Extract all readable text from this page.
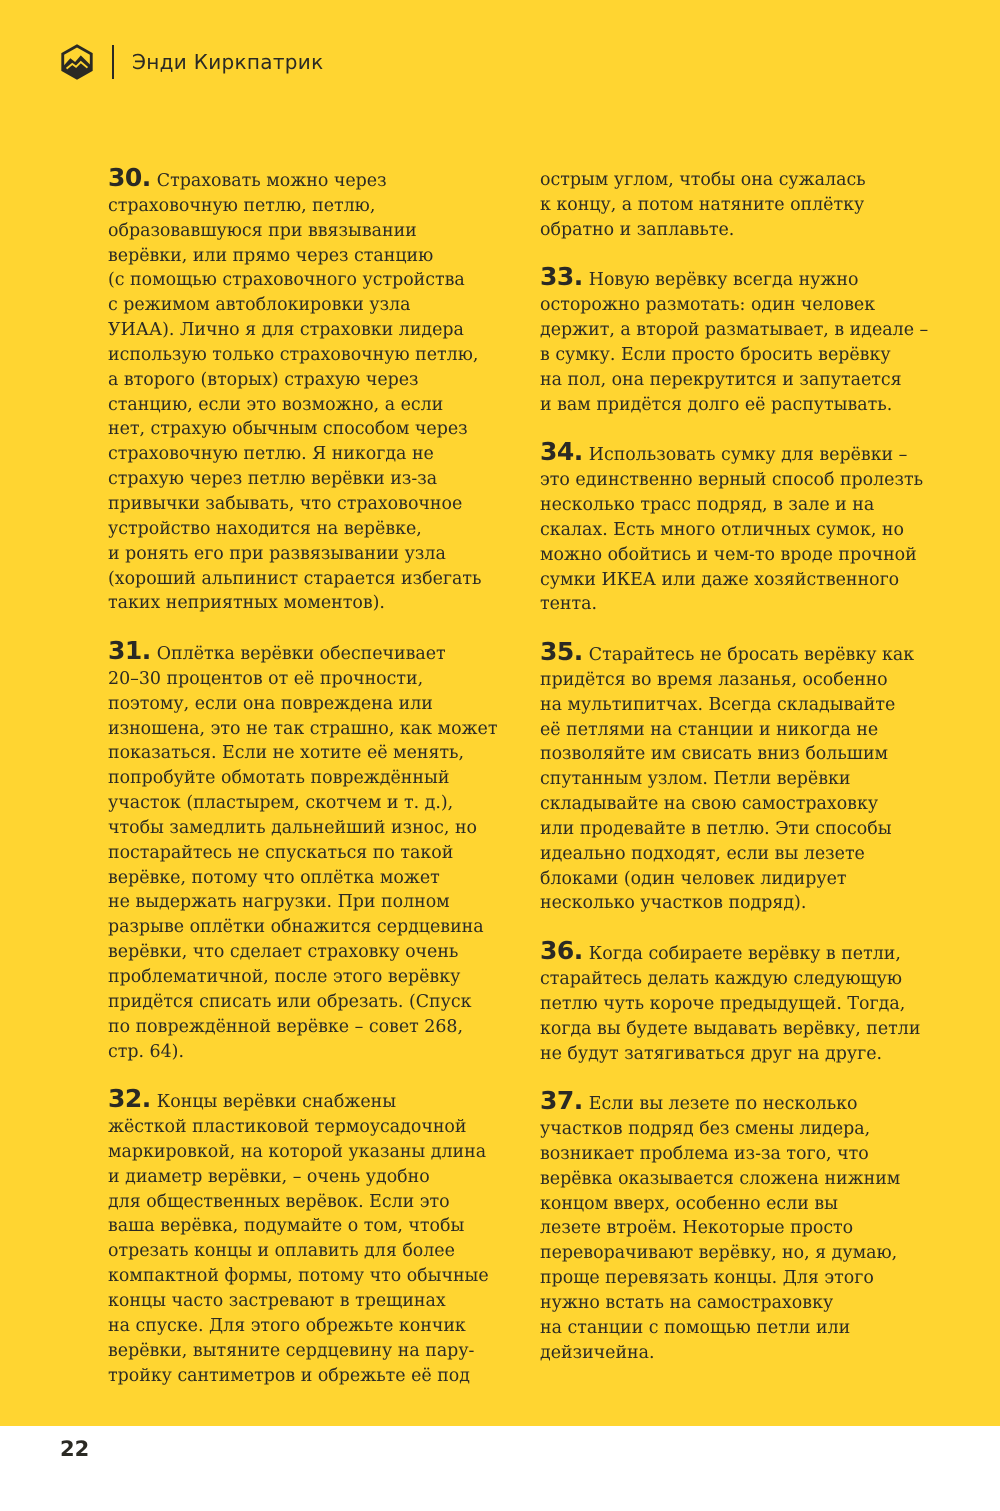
Энди Киркпатрик
30. Страховать можно через
страховочную петлю, петлю,
образовавшуюся при ввязывании
верёвки, или прямо через станцию
(с помощью страховочного устройства
с режимом автоблокировки узла
УИАА). Лично я для страховки лидера
использую только страховочную петлю,
а второго (вторых) страхую через
станцию, если это возможно, а если
нет, страхую обычным способом через
страховочную петлю. Я никогда не
страхую через петлю верёвки из-за
привычки забывать, что страховочное
устройство находится на верёвке,
и ронять его при развязывании узла
(хороший альпинист старается избегать
таких неприятных моментов).
31. Оплётка верёвки обеспечивает
20–30 процентов от её прочности,
поэтому, если она повреждена или
изношена, это не так страшно, как может
показаться. Если не хотите её менять,
попробуйте обмотать повреждённый
участок (пластырем, скотчем и т. д.),
чтобы замедлить дальнейший износ, но
постарайтесь не спускаться по такой
верёвке, потому что оплётка может
не выдержать нагрузки. При полном
разрыве оплётки обнажится сердцевина
верёвки, что сделает страховку очень
проблематичной, после этого верёвку
придётся списать или обрезать. (Спуск
по повреждённой верёвке – совет 268,
стр. 64).
32. Концы верёвки снабжены
жёсткой пластиковой термоусадочной
маркировкой, на которой указаны длина
и диаметр верёвки, – очень удобно
для общественных верёвок. Если это
ваша верёвка, подумайте о том, чтобы
отрезать концы и оплавить для более
компактной формы, потому что обычные
концы часто застревают в трещинах
на спуске. Для этого обрежьте кончик
верёвки, вытяните сердцевину на пару-
тройку сантиметров и обрежьте её под
острым углом, чтобы она сужалась
к концу, а потом натяните оплётку
обратно и заплавьте.
33. Новую верёвку всегда нужно
осторожно размотать: один человек
держит, а второй разматывает, в идеале –
в сумку. Если просто бросить верёвку
на пол, она перекрутится и запутается
и вам придётся долго её распутывать.
34. Использовать сумку для верёвки –
это единственно верный способ пролезть
несколько трасс подряд, в зале и на
скалах. Есть много отличных сумок, но
можно обойтись и чем-то вроде прочной
сумки ИКЕА или даже хозяйственного
тента.
35. Старайтесь не бросать верёвку как
придётся во время лазанья, особенно
на мультипитчах. Всегда складывайте
её петлями на станции и никогда не
позволяйте им свисать вниз большим
спутанным узлом. Петли верёвки
складывайте на свою самостраховку
или продевайте в петлю. Эти способы
идеально подходят, если вы лезете
блоками (один человек лидирует
несколько участков подряд).
36. Когда собираете верёвку в петли,
старайтесь делать каждую следующую
петлю чуть короче предыдущей. Тогда,
когда вы будете выдавать верёвку, петли
не будут затягиваться друг на друге.
37. Если вы лезете по несколько
участков подряд без смены лидера,
возникает проблема из-за того, что
верёвка оказывается сложена нижним
концом вверх, особенно если вы
лезете втроём. Некоторые просто
переворачивают верёвку, но, я думаю,
проще перевязать концы. Для этого
нужно встать на самостраховку
на станции с помощью петли или
дейзичейна.
22
